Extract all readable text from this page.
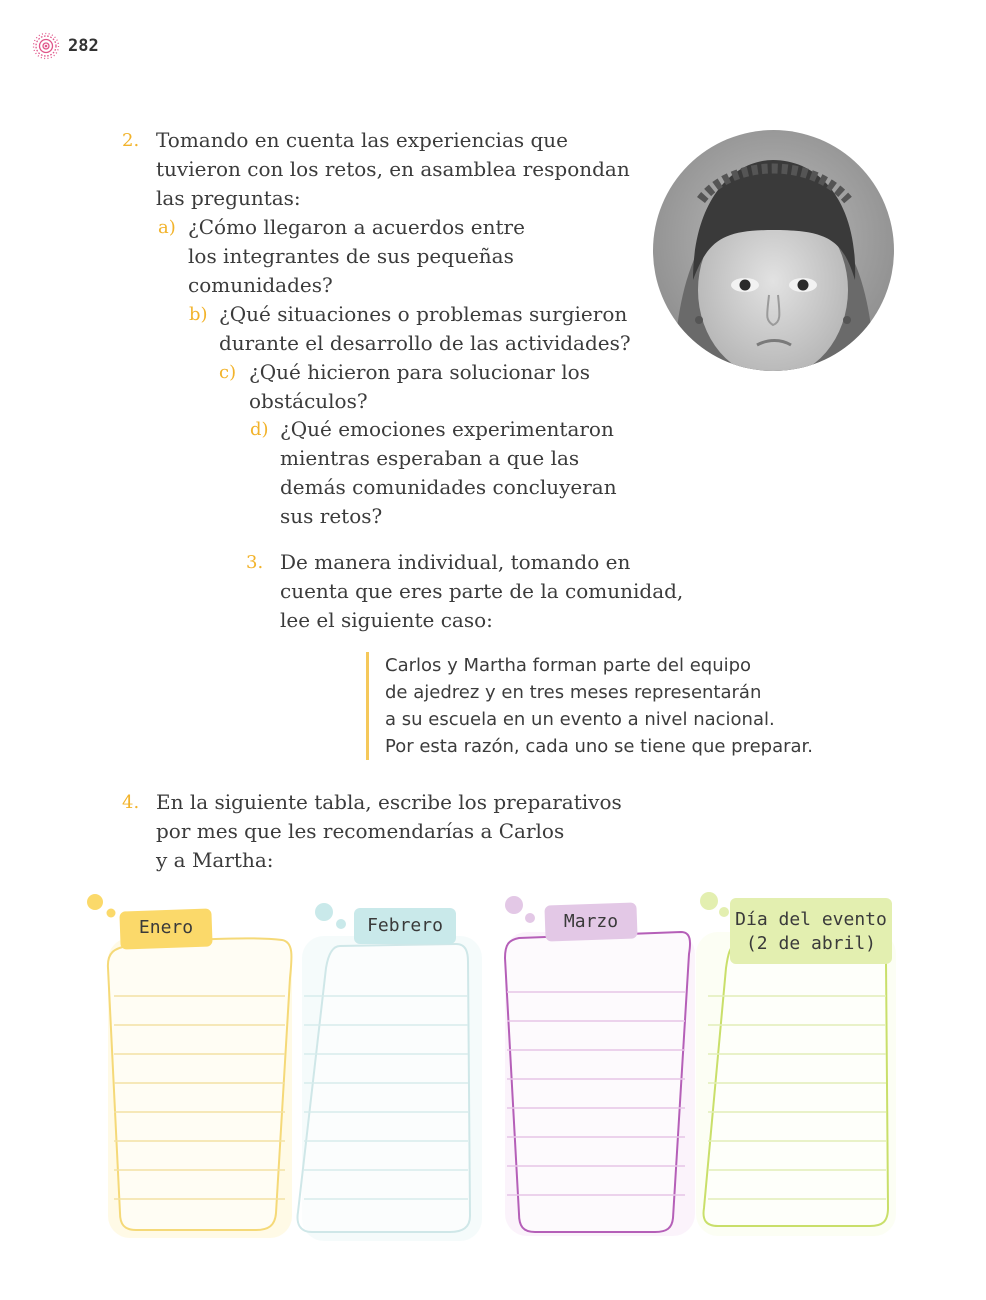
282
2. Tomando en cuenta las experiencias que
tuvieron con los retos, en asamblea respondan
las preguntas:
a) ¿Cómo llegaron a acuerdos entre
los integrantes de sus pequeñas
comunidades?
b) ¿Qué situaciones o problemas surgieron
durante el desarrollo de las actividades?
c) ¿Qué hicieron para solucionar los
obstáculos?
d) ¿Qué emociones experimentaron
mientras esperaban a que las
demás comunidades concluyeran
sus retos?
3. De manera individual, tomando en
cuenta que eres parte de la comunidad,
lee el siguiente caso:
Carlos y Martha forman parte del equipo
de ajedrez y en tres meses representarán
a su escuela en un evento a nivel nacional.
Por esta razón, cada uno se tiene que preparar.
4. En la siguiente tabla, escribe los preparativos
por mes que les recomendarías a Carlos
y a Martha:
Enero	Febrero	Marzo	Día del evento
(2 de abril)
